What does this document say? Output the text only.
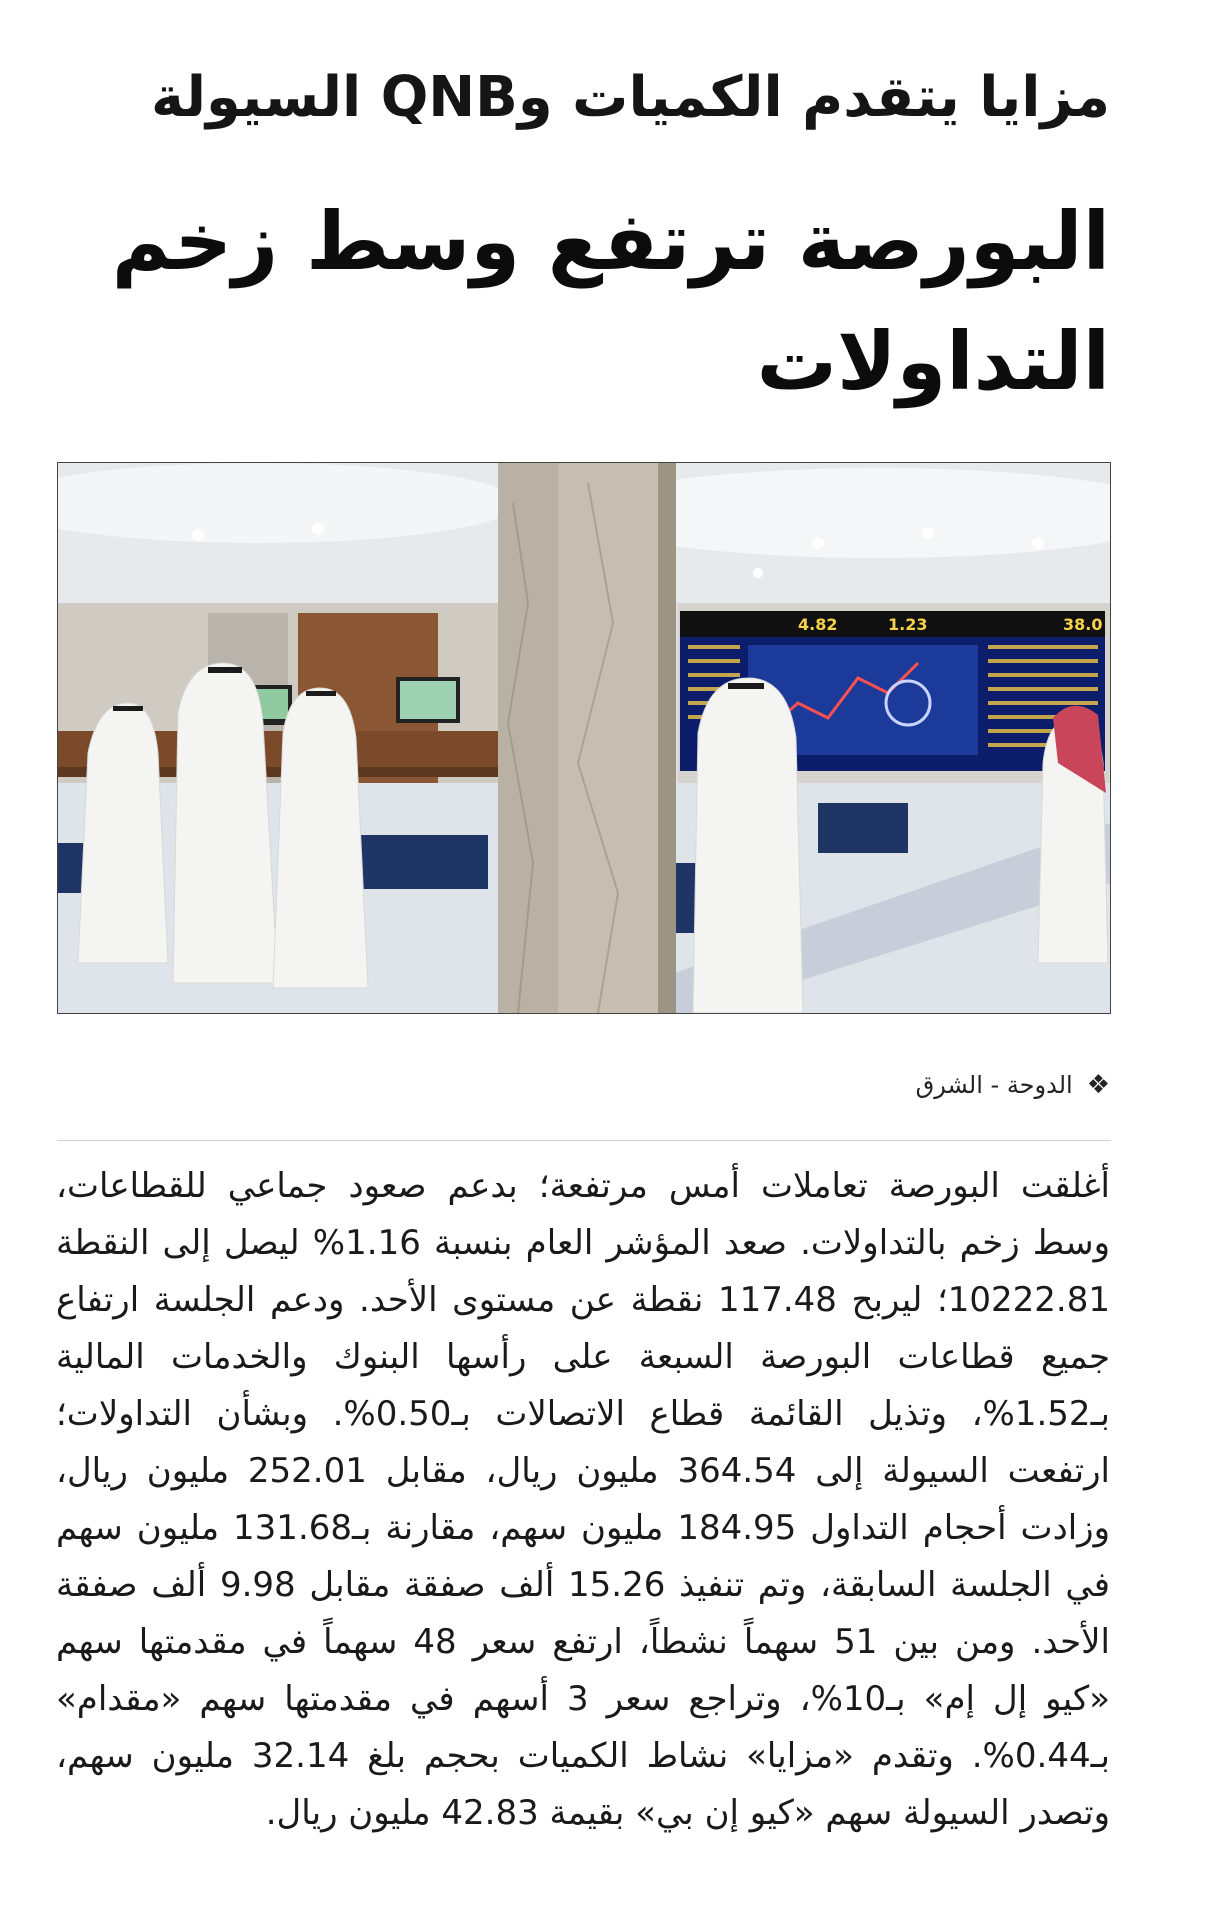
مزايا يتقدم الكميات وQNB السيولة
البورصة ترتفع وسط زخم التداولات
38.0
1.23
4.82
❖
الدوحة - الشرق

أغلقت البورصة تعاملات أمس مرتفعة؛ بدعم صعود جماعي للقطاعات، وسط زخم بالتداولات. صعد المؤشر العام بنسبة 1.16% ليصل إلى النقطة 10222.81؛ ليربح 117.48 نقطة عن مستوى الأحد. ودعم الجلسة ارتفاع جميع قطاعات البورصة السبعة على رأسها البنوك والخدمات المالية بـ1.52%، وتذيل القائمة قطاع الاتصالات بـ0.50%. وبشأن التداولات؛ ارتفعت السيولة إلى 364.54 مليون ريال، مقابل 252.01 مليون ريال، وزادت أحجام التداول 184.95 مليون سهم، مقارنة بـ131.68 مليون سهم في الجلسة السابقة، وتم تنفيذ 15.26 ألف صفقة مقابل 9.98 ألف صفقة الأحد. ومن بين 51 سهماً نشطاً، ارتفع سعر 48 سهماً في مقدمتها سهم «كيو إل إم» بـ10%، وتراجع سعر 3 أسهم في مقدمتها سهم «مقدام» بـ0.44%. وتقدم «مزايا» نشاط الكميات بحجم بلغ 32.14 مليون سهم، وتصدر السيولة سهم «كيو إن بي» بقيمة 42.83 مليون ريال.
